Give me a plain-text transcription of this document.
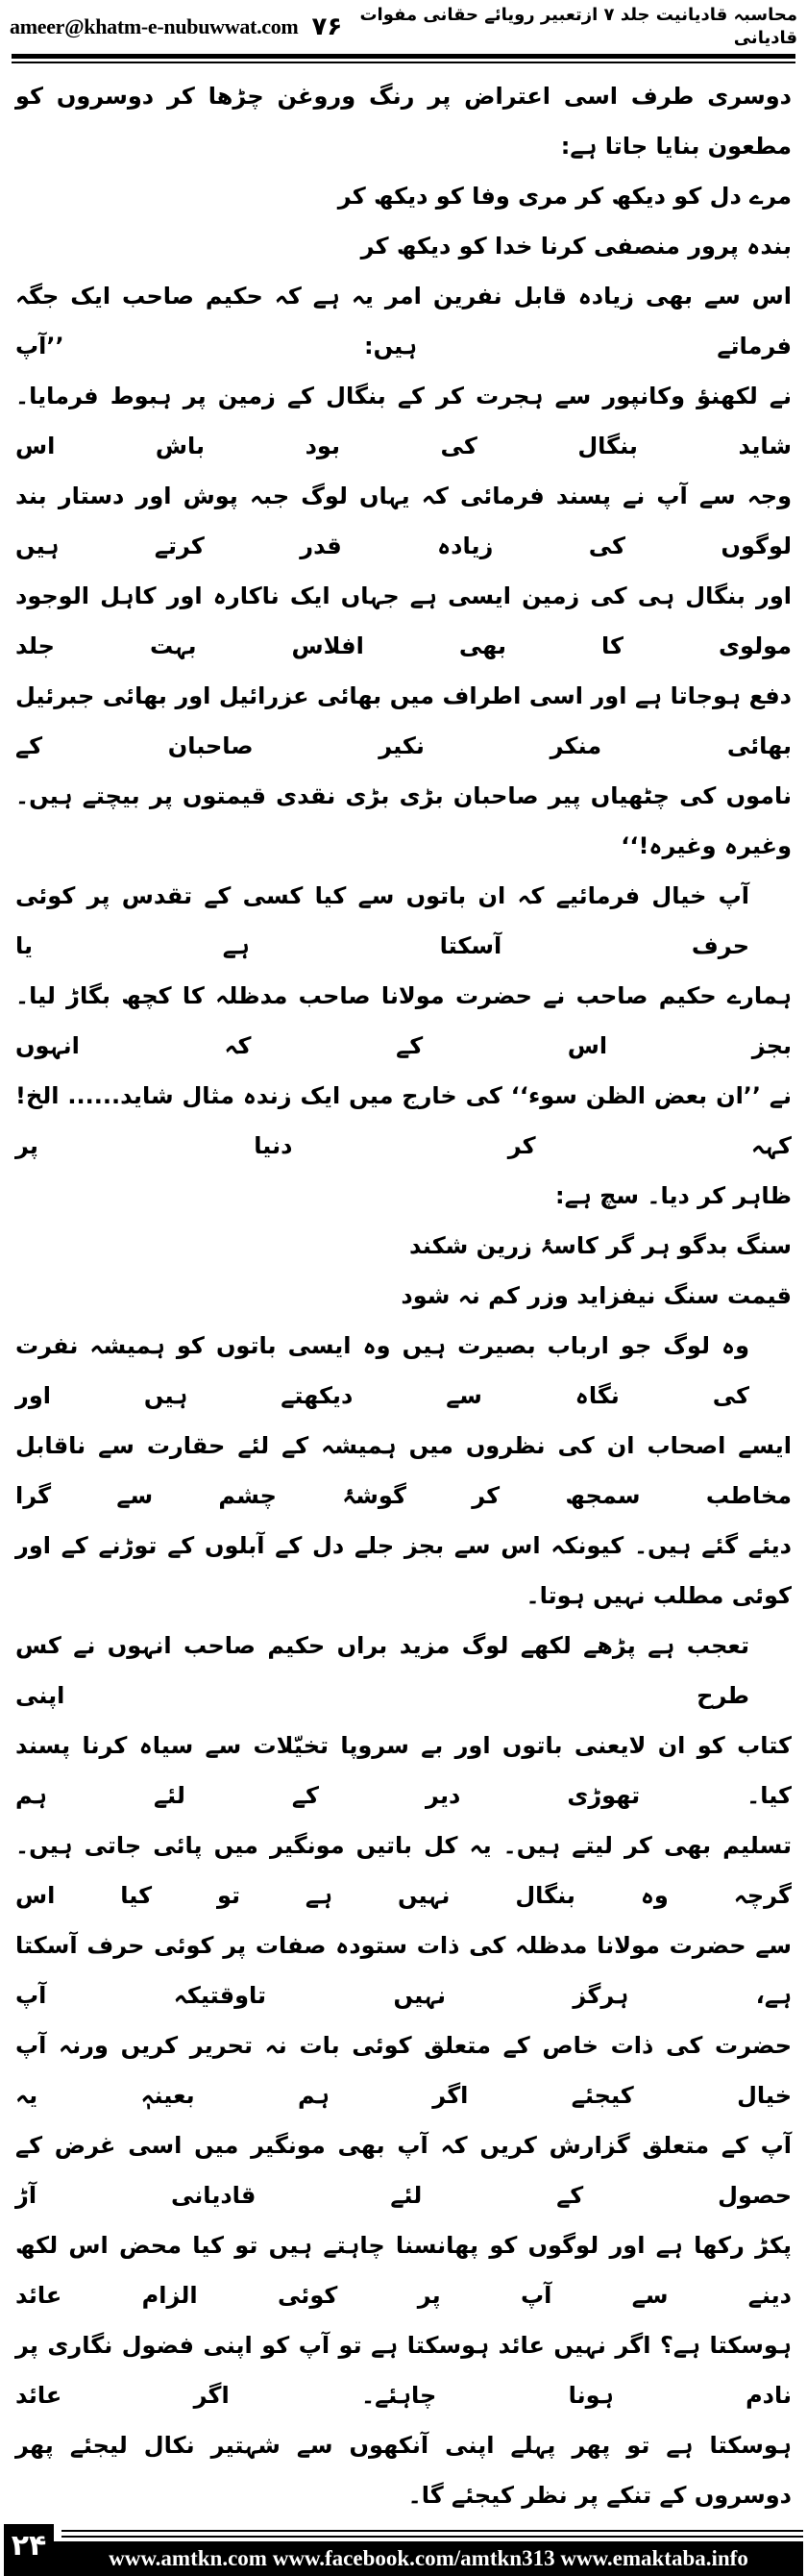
ameer@khatm-e-nubuwwat.com ۷۶ محاسبہ قادیانیت جلد ۷ ازتعبیر رویائے حقانی مفوات قادیانی
دوسری طرف اسی اعتراض پر رنگ وروغن چڑھا کر دوسروں کو مطعون بنایا جاتا ہے:
مرے دل کو دیکھ کر مری وفا کو دیکھ کر
بندہ پرور منصفی کرنا خدا کو دیکھ کر
اس سے بھی زیادہ قابل نفرین امر یہ ہے کہ حکیم صاحب ایک جگہ فرماتے ہیں: ’’آپ
نے لکھنؤ وکانپور سے ہجرت کر کے بنگال کے زمین پر ہبوط فرمایا۔ شاید بنگال کی بود باش اس
وجہ سے آپ نے پسند فرمائی کہ یہاں لوگ جبہ پوش اور دستار بند لوگوں کی زیادہ قدر کرتے ہیں
اور بنگال ہی کی زمین ایسی ہے جہاں ایک ناکارہ اور کاہل الوجود مولوی کا بھی افلاس بہت جلد
دفع ہوجاتا ہے اور اسی اطراف میں بھائی عزرائیل اور بھائی جبرئیل بھائی منکر نکیر صاحبان کے
ناموں کی چٹھیاں پیر صاحبان بڑی بڑی نقدی قیمتوں پر بیچتے ہیں۔ وغیرہ وغیرہ!‘‘
آپ خیال فرمائیے کہ ان باتوں سے کیا کسی کے تقدس پر کوئی حرف آسکتا ہے یا
ہمارے حکیم صاحب نے حضرت مولانا صاحب مدظلہ کا کچھ بگاڑ لیا۔ بجز اس کے کہ انہوں
نے ’’ان بعض الظن سوء‘‘ کی خارج میں ایک زندہ مثال شاید...... الخ! کہہ کر دنیا پر
ظاہر کر دیا۔ سچ ہے:
سنگ بدگو ہر گر کاسۂ زرین شکند
قیمت سنگ نیفزاید وزر کم نہ شود
وہ لوگ جو ارباب بصیرت ہیں وہ ایسی باتوں کو ہمیشہ نفرت کی نگاہ سے دیکھتے ہیں اور
ایسے اصحاب ان کی نظروں میں ہمیشہ کے لئے حقارت سے ناقابل مخاطب سمجھ کر گوشۂ چشم سے گرا
دیئے گئے ہیں۔ کیونکہ اس سے بجز جلے دل کے آبلوں کے توڑنے کے اور کوئی مطلب نہیں ہوتا۔
تعجب ہے پڑھے لکھے لوگ مزید براں حکیم صاحب انہوں نے کس طرح اپنی
کتاب کو ان لایعنی باتوں اور بے سروپا تخیّلات سے سیاہ کرنا پسند کیا۔ تھوڑی دیر کے لئے ہم
تسلیم بھی کر لیتے ہیں۔ یہ کل باتیں مونگیر میں پائی جاتی ہیں۔ گرچہ وہ بنگال نہیں ہے تو کیا اس
سے حضرت مولانا مدظلہ کی ذات ستودہ صفات پر کوئی حرف آسکتا ہے، ہرگز نہیں تاوقتیکہ آپ
حضرت کی ذات خاص کے متعلق کوئی بات نہ تحریر کریں ورنہ آپ خیال کیجئے اگر ہم بعینہٖ یہ
آپ کے متعلق گزارش کریں کہ آپ بھی مونگیر میں اسی غرض کے حصول کے لئے قادیانی آڑ
پکڑ رکھا ہے اور لوگوں کو پھانسنا چاہتے ہیں تو کیا محض اس لکھ دینے سے آپ پر کوئی الزام عائد
ہوسکتا ہے؟ اگر نہیں عائد ہوسکتا ہے تو آپ کو اپنی فضول نگاری پر نادم ہونا چاہئے۔ اگر عائد
ہوسکتا ہے تو پھر پہلے اپنی آنکھوں سے شہتیر نکال لیجئے پھر دوسروں کے تنکے پر نظر کیجئے گا۔
۲۴	www.amtkn.com www.facebook.com/amtkn313 www.emaktaba.info
